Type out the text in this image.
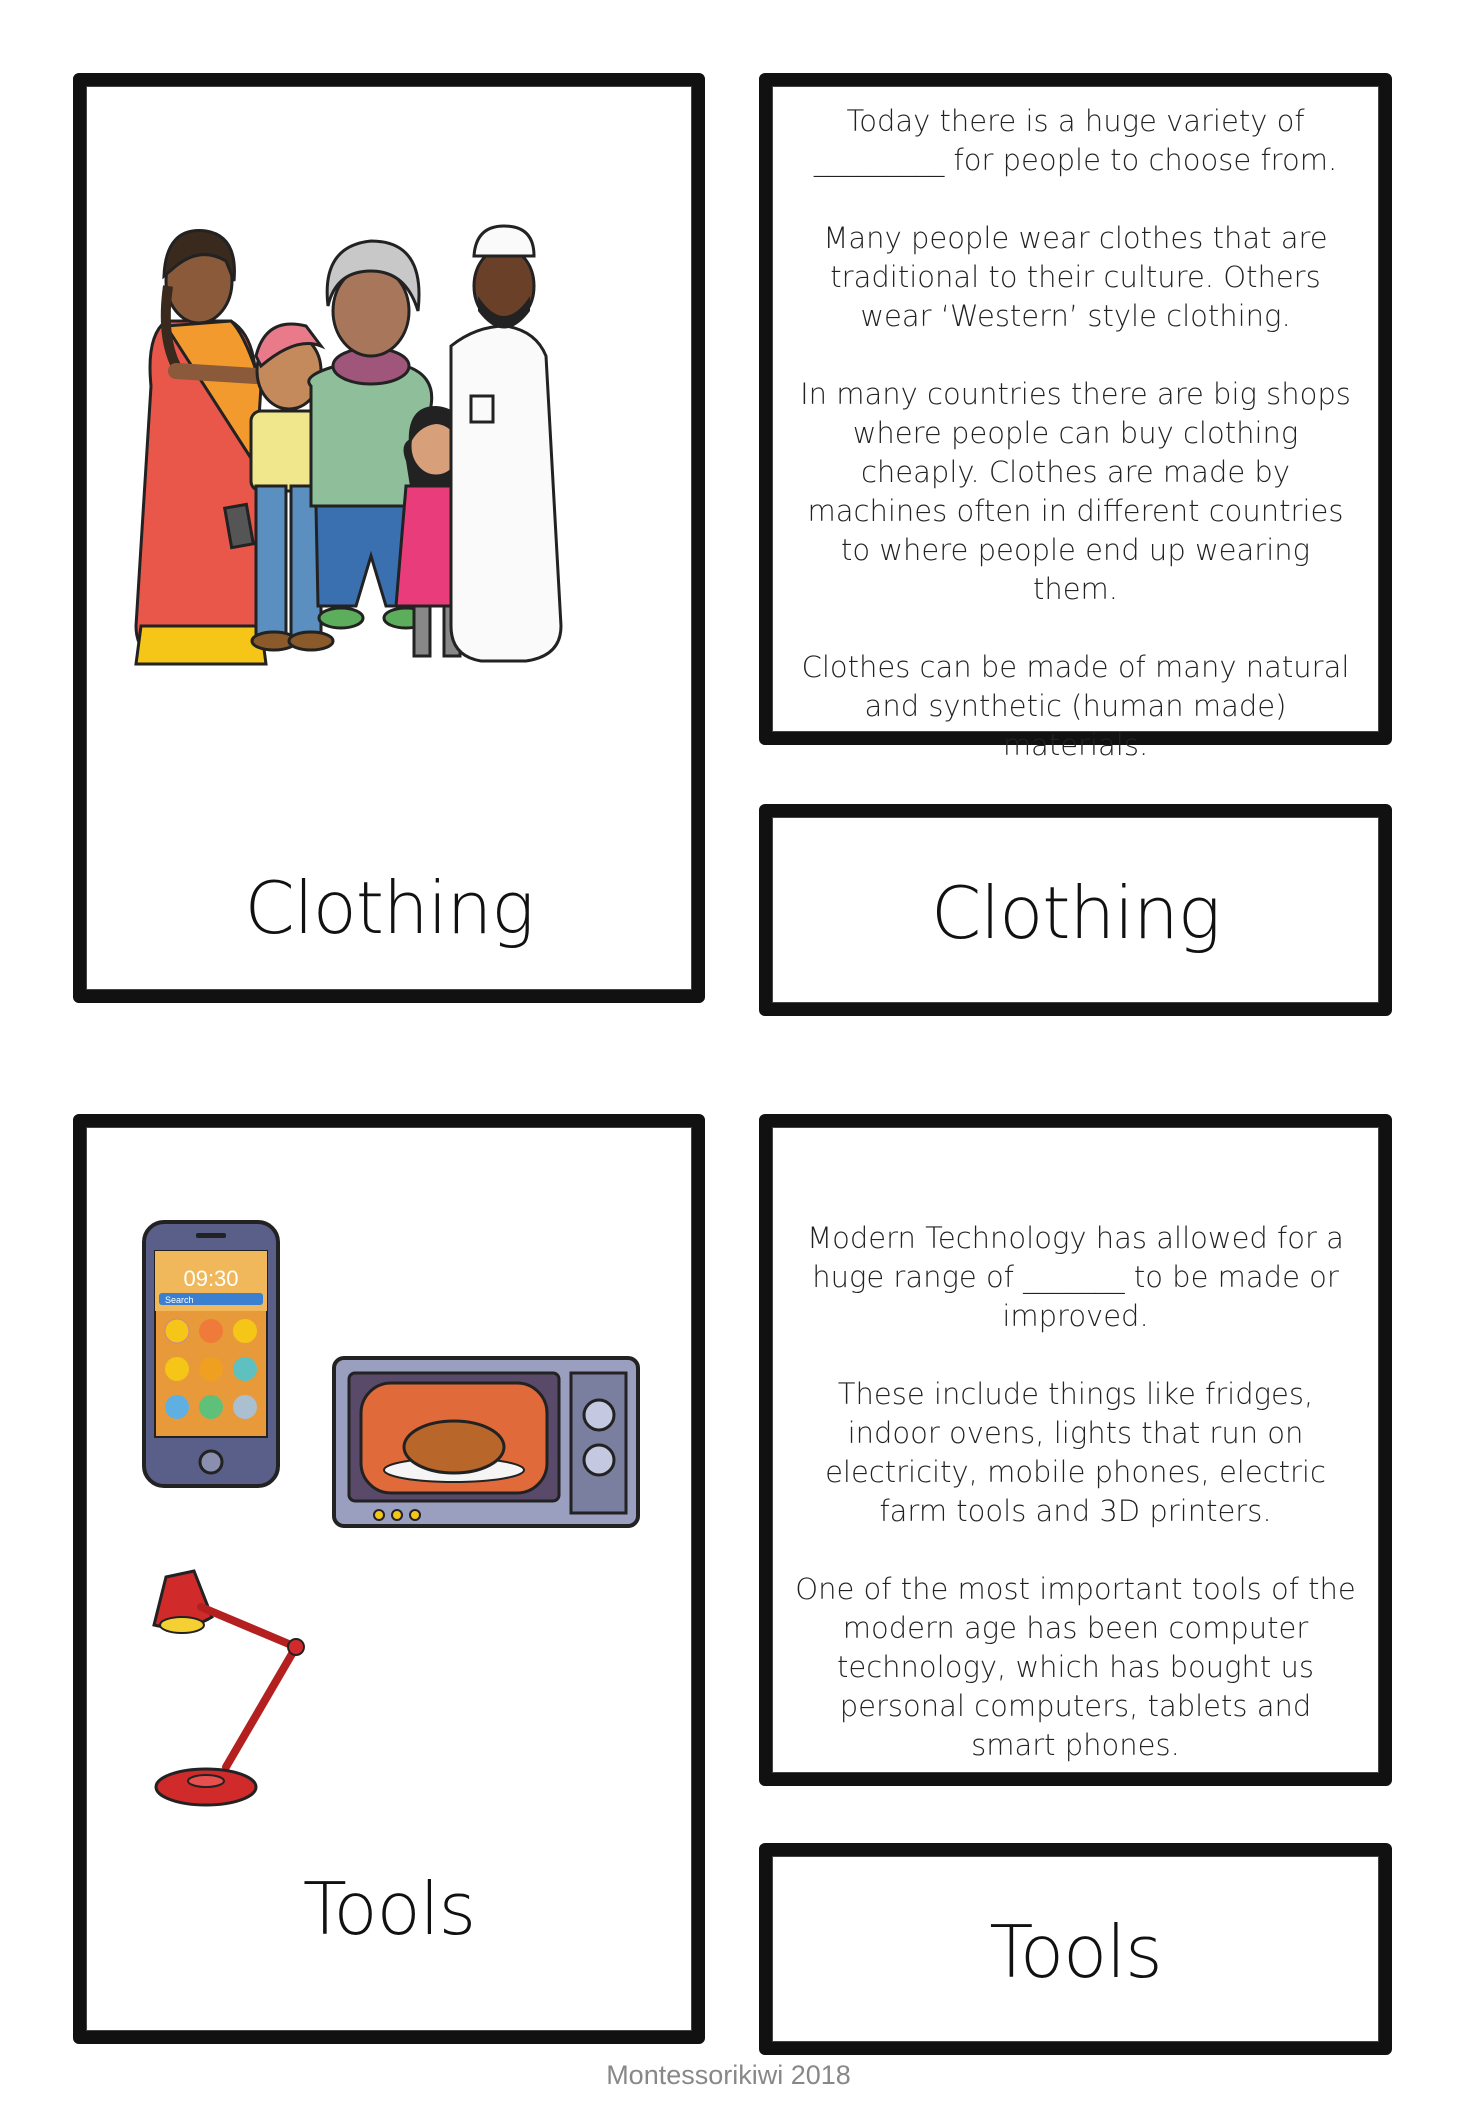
Clothing

Today there is a huge variety of _________ for people to choose from.

Many people wear clothes that are traditional to their culture. Others wear ‘Western’ style clothing.

In many countries there are big shops where people can buy clothing cheaply. Clothes are made by machines often in different countries to where people end up wearing them.

Clothes can be made of many natural and synthetic (human made) materials.

Clothing
09:30
Search
Tools

Modern Technology has allowed for a huge range of _______ to be made or improved.

These include things like fridges, indoor ovens, lights that run on electricity, mobile phones, electric farm tools and 3D printers.

One of the most important tools of the modern age has been computer technology, which has bought us personal computers, tablets and smart phones.

Tools
Montessorikiwi 2018
